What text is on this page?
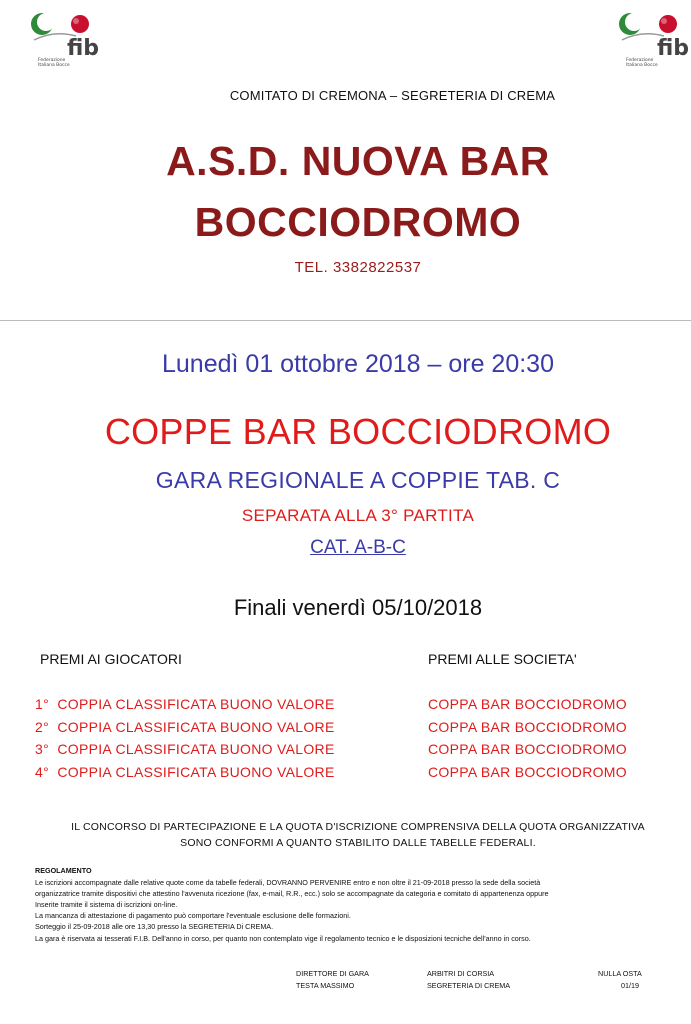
fib
Federazione
Italiana Bocce
fib
Federazione
Italiana Bocce
COMITATO DI CREMONA – SEGRETERIA DI CREMA
A.S.D. NUOVA BAR
BOCCIODROMO
TEL. 3382822537
Lunedì 01 ottobre 2018 – ore 20:30
COPPE BAR BOCCIODROMO
GARA REGIONALE A COPPIE TAB. C
SEPARATA ALLA 3° PARTITA
CAT. A-B-C
Finali venerdì 05/10/2018
PREMI AI GIOCATORI	PREMI ALLE SOCIETA'
1°  COPPIA CLASSIFICATA BUONO VALORE
2°  COPPIA CLASSIFICATA BUONO VALORE
3°  COPPIA CLASSIFICATA BUONO VALORE
4°  COPPIA CLASSIFICATA BUONO VALORE
COPPA BAR BOCCIODROMO
COPPA BAR BOCCIODROMO
COPPA BAR BOCCIODROMO
COPPA BAR BOCCIODROMO
IL CONCORSO DI PARTECIPAZIONE E LA QUOTA D'ISCRIZIONE COMPRENSIVA DELLA QUOTA ORGANIZZATIVA
SONO CONFORMI A QUANTO STABILITO DALLE TABELLE FEDERALI.
REGOLAMENTO
Le iscrizioni accompagnate dalle relative quote come da tabelle federali, DOVRANNO PERVENIRE entro e non oltre il 21-09-2018 presso la sede della società
organizzatrice tramite dispositivi che attestino l'avvenuta ricezione (fax, e-mail, R.R., ecc.) solo se accompagnate da categoria e comitato di appartenenza oppure
Inserite tramite il sistema di iscrizioni on-line.
La mancanza di attestazione di pagamento può comportare l'eventuale esclusione delle formazioni.
Sorteggio il 25-09-2018 alle ore 13,30 presso la SEGRETERIA Di CREMA.
La gara è riservata ai tesserati F.I.B. Dell'anno in corso, per quanto non contemplato vige il regolamento tecnico e le disposizioni tecniche dell'anno in corso.
DIRETTORE DI GARA
TESTA MASSIMO
ARBITRI DI CORSIA
SEGRETERIA DI CREMA
NULLA OSTA
01/19
